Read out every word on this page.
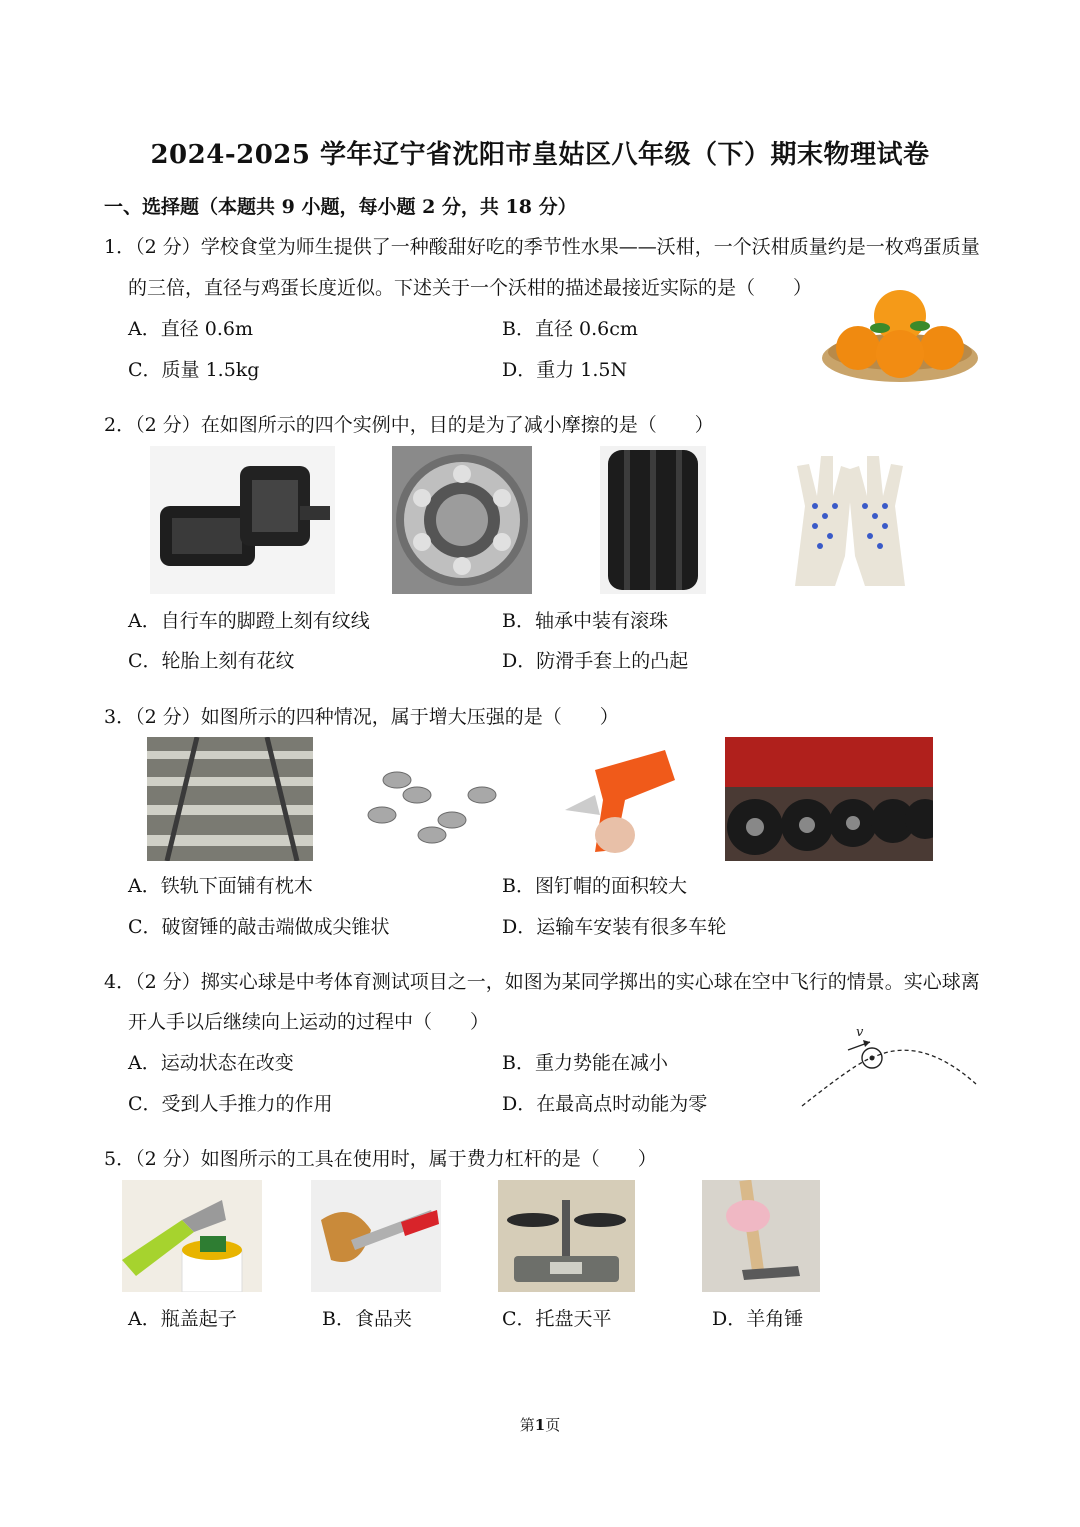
2024-2025 学年辽宁省沈阳市皇姑区八年级（下）期末物理试卷
一、选择题（本题共 9 小题，每小题 2 分，共 18 分）
1．（2 分）学校食堂为师生提供了一种酸甜好吃的季节性水果——沃柑，一个沃柑质量约是一枚鸡蛋质量
的三倍，直径与鸡蛋长度近似。下述关于一个沃柑的描述最接近实际的是（　　）
A．直径 0.6m	B．直径 0.6cm
C．质量 1.5kg	D．重力 1.5N
2．（2 分）在如图所示的四个实例中，目的是为了减小摩擦的是（　　）
A．自行车的脚蹬上刻有纹线	B．轴承中装有滚珠
C．轮胎上刻有花纹	D．防滑手套上的凸起
3．（2 分）如图所示的四种情况，属于增大压强的是（　　）
A．铁轨下面铺有枕木	B．图钉帽的面积较大
C．破窗锤的敲击端做成尖锥状	D．运输车安装有很多车轮
4．（2 分）掷实心球是中考体育测试项目之一，如图为某同学掷出的实心球在空中飞行的情景。实心球离
开人手以后继续向上运动的过程中（　　）
A．运动状态在改变	B．重力势能在减小
C．受到人手推力的作用	D．在最高点时动能为零
v
5．（2 分）如图所示的工具在使用时，属于费力杠杆的是（　　）
A．瓶盖起子	B．食品夹	C．托盘天平	D．羊角锤
第1页
